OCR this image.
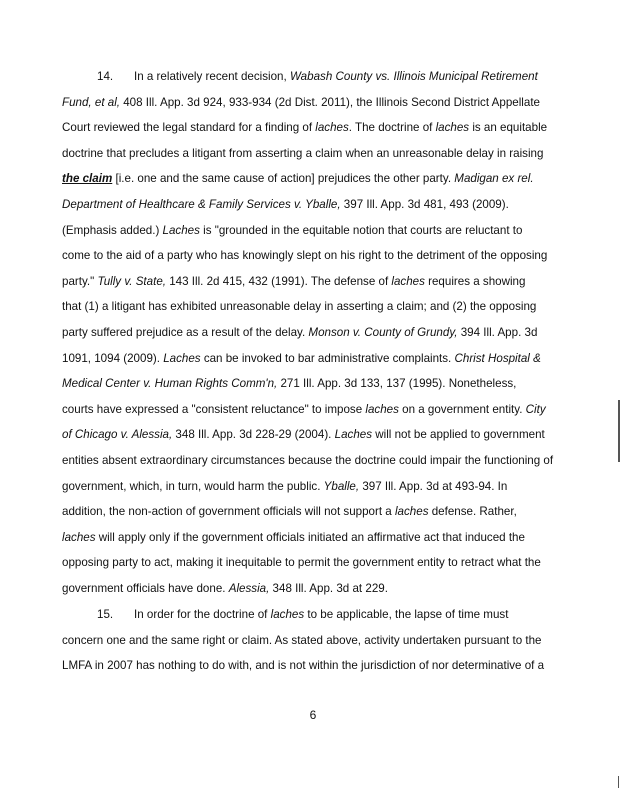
14. In a relatively recent decision, Wabash County vs. Illinois Municipal Retirement
Fund, et al, 408 Ill. App. 3d 924, 933-934 (2d Dist. 2011), the Illinois Second District Appellate
Court reviewed the legal standard for a finding of laches. The doctrine of laches is an equitable
doctrine that precludes a litigant from asserting a claim when an unreasonable delay in raising
the claim [i.e. one and the same cause of action] prejudices the other party. Madigan ex rel.
Department of Healthcare & Family Services v. Yballe, 397 Ill. App. 3d 481, 493 (2009).
(Emphasis added.) Laches is "grounded in the equitable notion that courts are reluctant to
come to the aid of a party who has knowingly slept on his right to the detriment of the opposing
party." Tully v. State, 143 Ill. 2d 415, 432 (1991). The defense of laches requires a showing
that (1) a litigant has exhibited unreasonable delay in asserting a claim; and (2) the opposing
party suffered prejudice as a result of the delay. Monson v. County of Grundy, 394 Ill. App. 3d
1091, 1094 (2009). Laches can be invoked to bar administrative complaints. Christ Hospital &
Medical Center v. Human Rights Comm'n, 271 Ill. App. 3d 133, 137 (1995). Nonetheless,
courts have expressed a "consistent reluctance" to impose laches on a government entity. City
of Chicago v. Alessia, 348 Ill. App. 3d 228-29 (2004). Laches will not be applied to government
entities absent extraordinary circumstances because the doctrine could impair the functioning of
government, which, in turn, would harm the public. Yballe, 397 Ill. App. 3d at 493-94. In
addition, the non-action of government officials will not support a laches defense. Rather,
laches will apply only if the government officials initiated an affirmative act that induced the
opposing party to act, making it inequitable to permit the government entity to retract what the
government officials have done. Alessia, 348 Ill. App. 3d at 229.
15. In order for the doctrine of laches to be applicable, the lapse of time must
concern one and the same right or claim. As stated above, activity undertaken pursuant to the
LMFA in 2007 has nothing to do with, and is not within the jurisdiction of nor determinative of a
6
